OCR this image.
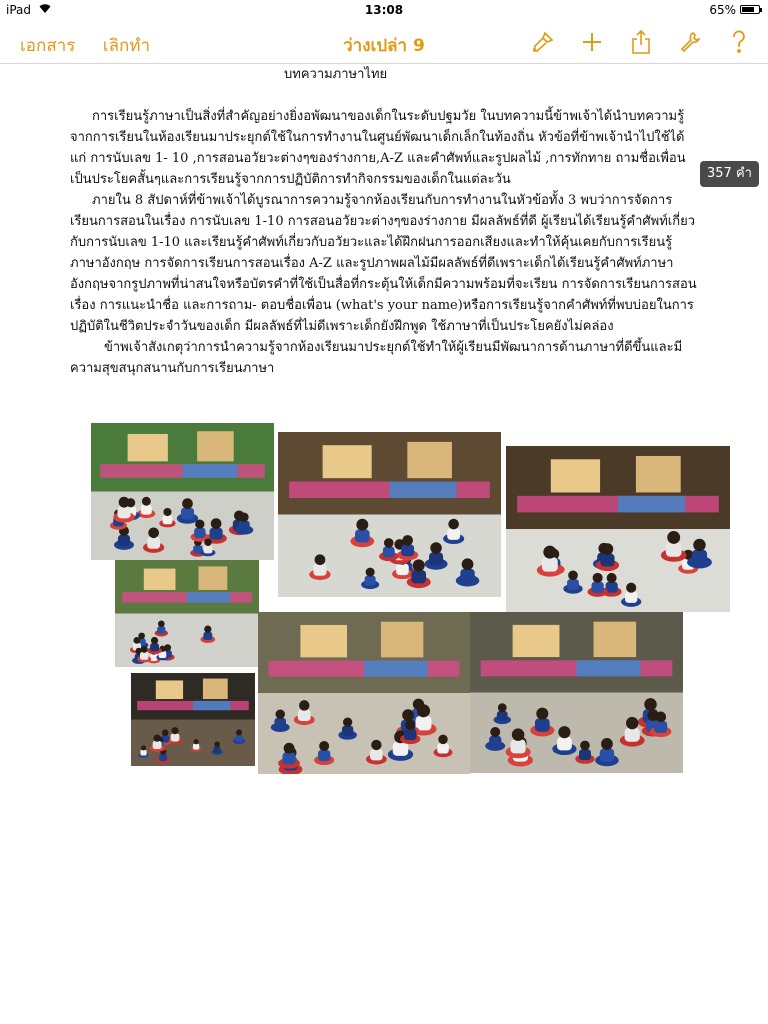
iPad	13:08	65%
เอกสาร เลิกทำ	ว่างเปล่า 9
บทความภาษาไทย

การเรียนรู้ภาษาเป็นสิ่งที่สำคัญอย่างยิ่งอพัฒนาของเด็กในระดับปฐมวัย ในบทความนี้ข้าพเจ้าได้นำบทความรู้จากการเรียนในห้องเรียนมาประยุกต์ใช้ในการทำงานในศูนย์พัฒนาเด็กเล็กในท้องถิ่น หัวข้อที่ข้าพเจ้านำไปใช้ได้แก่ การนับเลข 1- 10 ,การสอนอวัยวะต่างๆของร่างกาย,A-Z และคำศัพท์และรูปผลไม้ ,การทักทาย ถามชื่อเพื่อนเป็นประโยคสั้นๆและการเรียนรู้จากการปฏิบัติการทำกิจกรรมของเด็กในแต่ละวัน

ภายใน 8 สัปดาห์ที่ข้าพเจ้าได้บูรณาการความรู้จากห้องเรียนกับการทำงานในหัวข้อทั้ง 3 พบว่าการจัดการเรียนการสอนในเรื่อง การนับเลข 1-10 การสอนอวัยวะต่างๆของร่างกาย มีผลลัพธ์ที่ดี ผู้เรียนได้เรียนรู้คำศัพท์เกี่ยวกับการนับเลข 1-10 และเรียนรู้คำศัพท์เกี่ยวกับอวัยวะและได้ฝึกฝนการออกเสียงและทำให้คุ้นเคยกับการเรียนรู้ภาษาอังกฤษ การจัดการเรียนการสอนเรื่อง A-Z และรูปภาพผลไม้มีผลลัพธ์ที่ดีเพราะเด็กได้เรียนรู้คำศัพท์ภาษาอังกฤษจากรูปภาพที่น่าสนใจหรือบัตรคำที่ใช้เป็นสื่อที่กระตุ้นให้เด็กมีความพร้อมที่จะเรียน การจัดการเรียนการสอนเรื่อง การแนะนำชื่อ และการถาม- ตอบชื่อเพื่อน (what's your name)หรือการเรียนรู้จากคำศัพท์ที่พบบ่อยในการปฏิบัติในชีวิตประจำวันของเด็ก มีผลลัพธ์ที่ไม่ดีเพราะเด็กยังฝึกพูด ใช้ภาษาที่เป็นประโยคยังไม่คล่อง

ข้าพเจ้าสังเกตุว่าการนำความรู้จากห้องเรียนมาประยุกต์ใช้ทำให้ผู้เรียนมีพัฒนาการด้านภาษาที่ดีขึ้นและมีความสุขสนุกสนานกับการเรียนภาษา

357 คำ
